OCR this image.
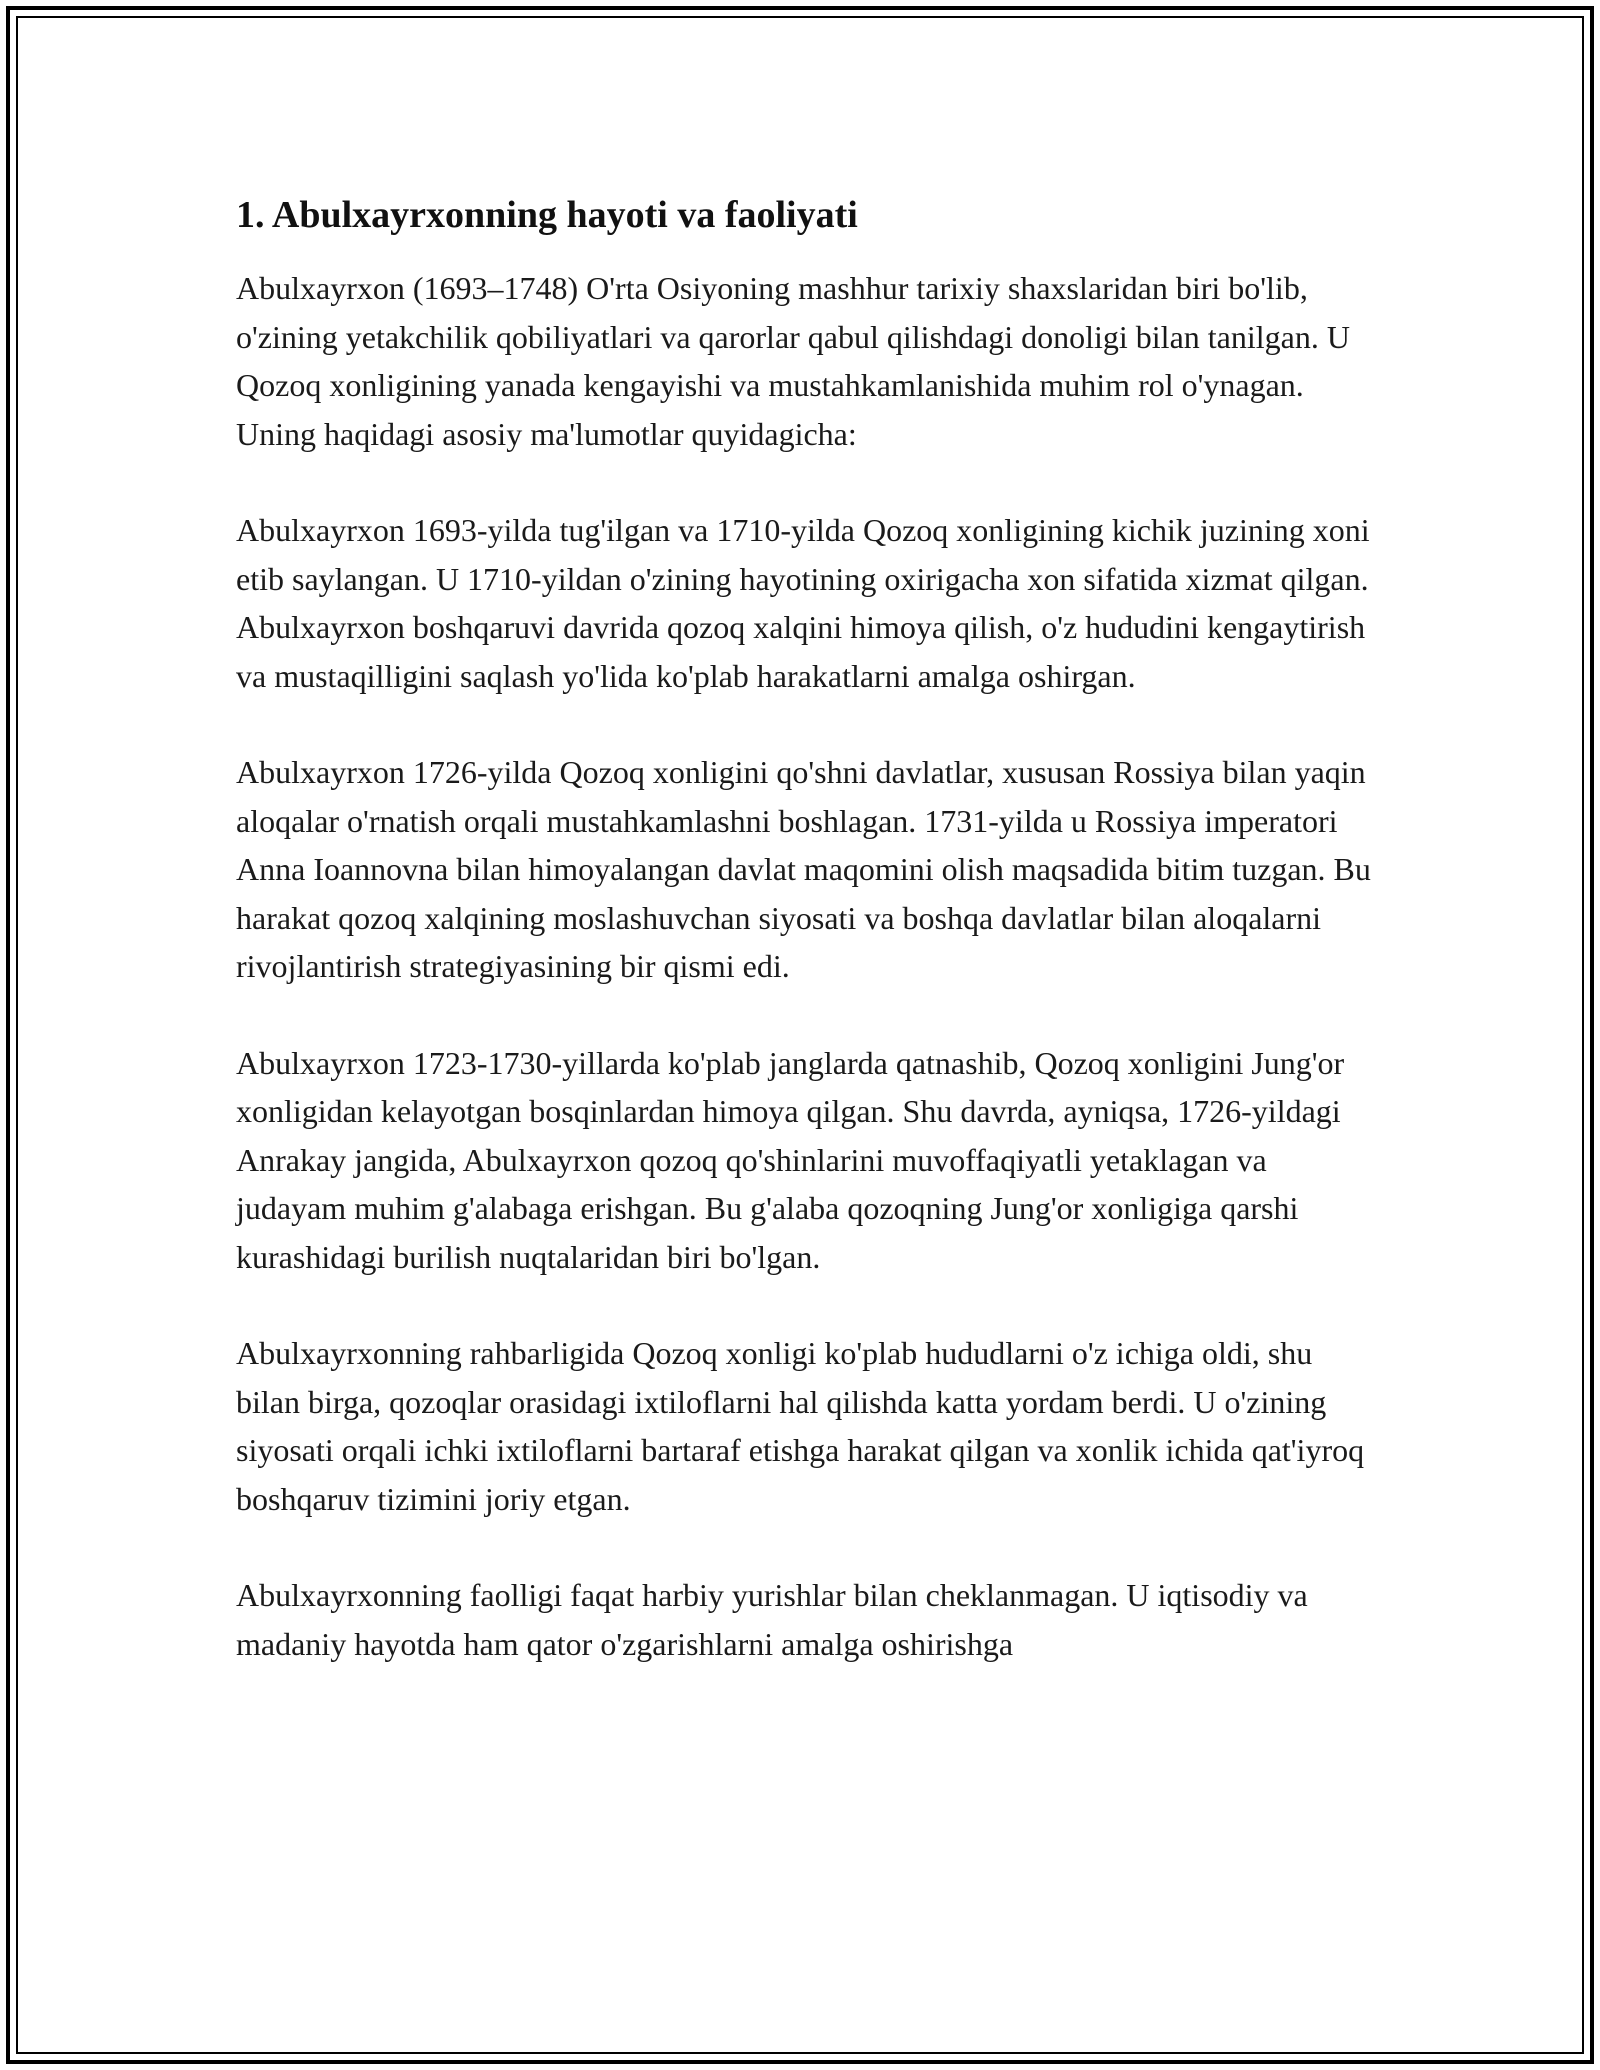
1. Abulxayrxonning hayoti va faoliyati

Abulxayrxon (1693–1748) O'rta Osiyoning mashhur tarixiy shaxslaridan biri bo'lib, o'zining yetakchilik qobiliyatlari va qarorlar qabul qilishdagi donoligi bilan tanilgan. U Qozoq xonligining yanada kengayishi va mustahkamlanishida muhim rol o'ynagan. Uning haqidagi asosiy ma'lumotlar quyidagicha:

Abulxayrxon 1693-yilda tug'ilgan va 1710-yilda Qozoq xonligining kichik juzining xoni etib saylangan. U 1710-yildan o'zining hayotining oxirigacha xon sifatida xizmat qilgan. Abulxayrxon boshqaruvi davrida qozoq xalqini himoya qilish, o'z hududini kengaytirish va mustaqilligini saqlash yo'lida ko'plab harakatlarni amalga oshirgan.

Abulxayrxon 1726-yilda Qozoq xonligini qo'shni davlatlar, xususan Rossiya bilan yaqin aloqalar o'rnatish orqali mustahkamlashni boshlagan. 1731-yilda u Rossiya imperatori Anna Ioannovna bilan himoyalangan davlat maqomini olish maqsadida bitim tuzgan. Bu harakat qozoq xalqining moslashuvchan siyosati va boshqa davlatlar bilan aloqalarni rivojlantirish strategiyasining bir qismi edi.

Abulxayrxon 1723-1730-yillarda ko'plab janglarda qatnashib, Qozoq xonligini Jung'or xonligidan kelayotgan bosqinlardan himoya qilgan. Shu davrda, ayniqsa, 1726-yildagi Anrakay jangida, Abulxayrxon qozoq qo'shinlarini muvoffaqiyatli yetaklagan va judayam muhim g'alabaga erishgan. Bu g'alaba qozoqning Jung'or xonligiga qarshi kurashidagi burilish nuqtalaridan biri bo'lgan.

Abulxayrxonning rahbarligida Qozoq xonligi ko'plab hududlarni o'z ichiga oldi, shu bilan birga, qozoqlar orasidagi ixtiloflarni hal qilishda katta yordam berdi. U o'zining siyosati orqali ichki ixtiloflarni bartaraf etishga harakat qilgan va xonlik ichida qat'iyroq boshqaruv tizimini joriy etgan.

Abulxayrxonning faolligi faqat harbiy yurishlar bilan cheklanmagan. U iqtisodiy va madaniy hayotda ham qator o'zgarishlarni amalga oshirishga
